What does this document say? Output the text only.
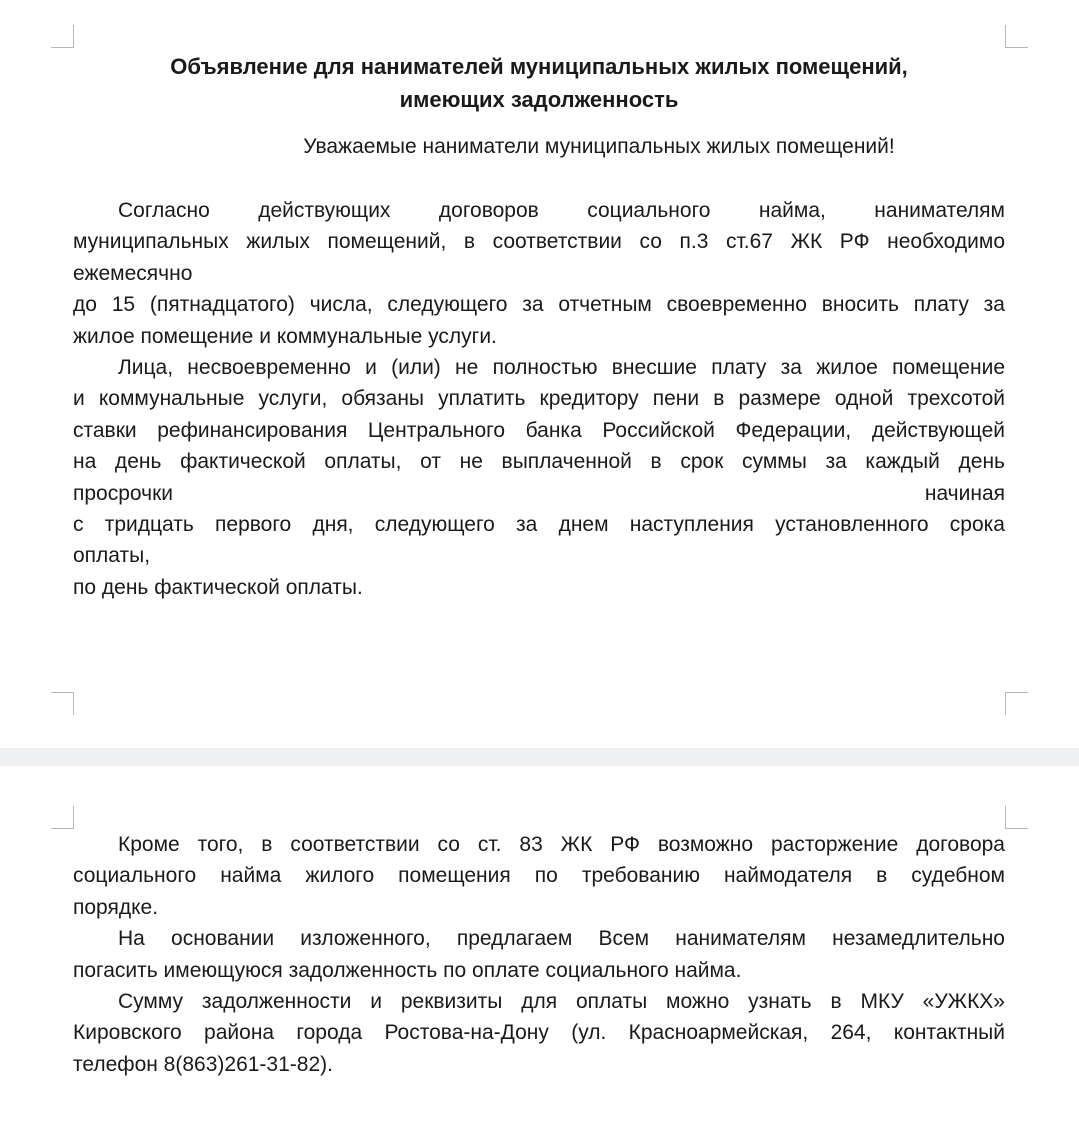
Объявление для нанимателей муниципальных жилых помещений,
имеющих задолженность
Уважаемые наниматели муниципальных жилых помещений!

Согласно действующих договоров социального найма, нанимателям
муниципальных жилых помещений, в соответствии со п.3 ст.67 ЖК РФ необходимо
ежемесячно
до 15 (пятнадцатого) числа, следующего за отчетным своевременно вносить плату за
жилое помещение и коммунальные услуги.

Лица, несвоевременно и (или) не полностью внесшие плату за жилое помещение
и коммунальные услуги, обязаны уплатить кредитору пени в размере одной трехсотой
ставки рефинансирования Центрального банка Российской Федерации, действующей
на день фактической оплаты, от не выплаченной в срок суммы за каждый день
просрочки	начиная
с тридцать первого дня, следующего за днем наступления установленного срока
оплаты,
по день фактической оплаты.

Кроме того, в соответствии со ст. 83 ЖК РФ возможно расторжение договора
социального найма жилого помещения по требованию наймодателя в судебном
порядке.

На основании изложенного, предлагаем Всем нанимателям незамедлительно
погасить имеющуюся задолженность по оплате социального найма.

Сумму задолженности и реквизиты для оплаты можно узнать в МКУ «УЖКХ»
Кировского района города Ростова-на-Дону (ул. Красноармейская, 264, контактный
телефон 8(863)261-31-82).
